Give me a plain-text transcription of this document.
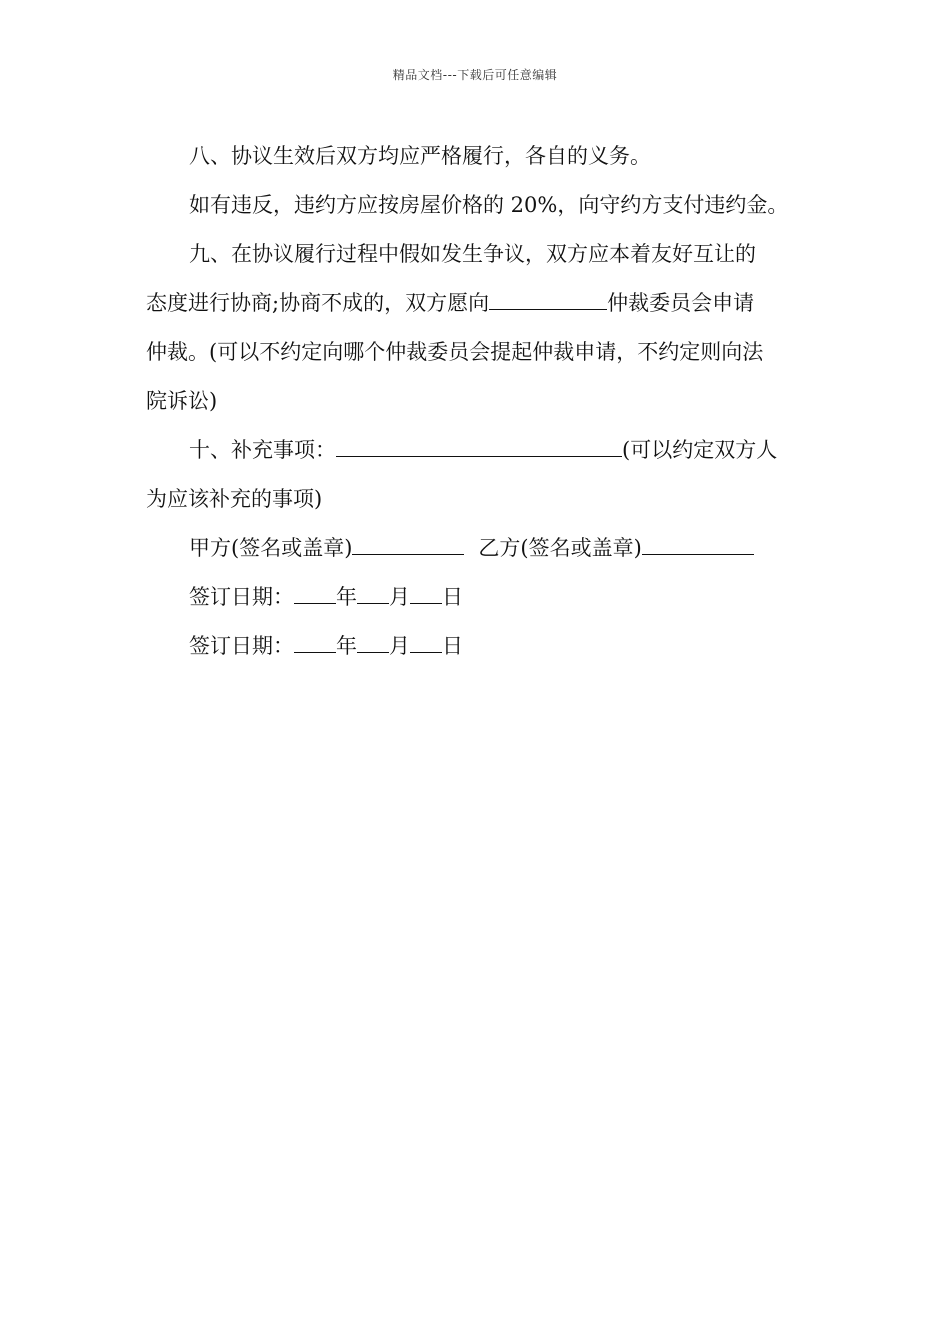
精品文档---下载后可任意编辑

八、协议生效后双方均应严格履行，各自的义务。

如有违反，违约方应按房屋价格的 20%，向守约方支付违约金。

九、在协议履行过程中假如发生争议，双方应本着友好互让的

态度进行协商;协商不成的，双方愿向	仲裁委员会申请

仲裁。(可以不约定向哪个仲裁委员会提起仲裁申请，不约定则向法

院诉讼)

十、补充事项：	(可以约定双方人

为应该补充的事项)

甲方(签名或盖章)	乙方(签名或盖章)

签订日期： 年 月 日

签订日期： 年 月 日
